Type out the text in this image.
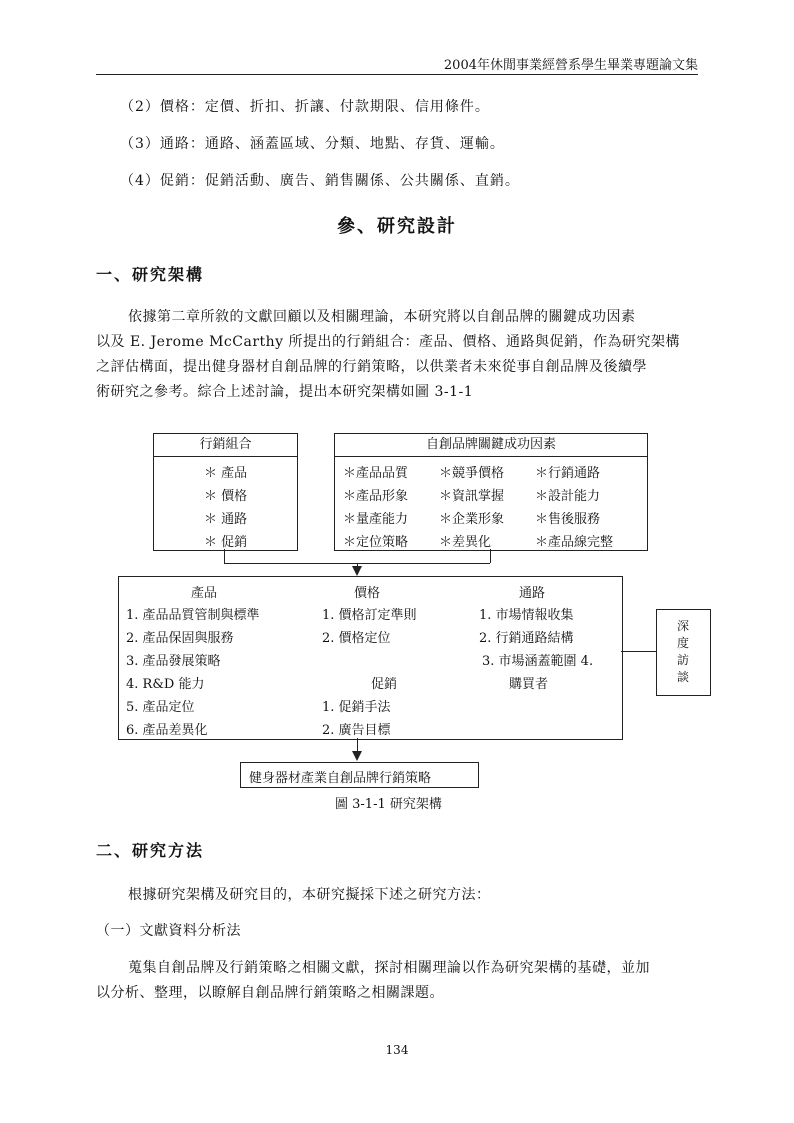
2004年休閒事業經營系學生畢業專題論文集
（2）價格：定價、折扣、折讓、付款期限、信用條件。
（3）通路：通路、涵蓋區域、分類、地點、存貨、運輸。
（4）促銷：促銷活動、廣告、銷售關係、公共關係、直銷。
參、研究設計
一、研究架構
依據第二章所敘的文獻回顧以及相關理論，本研究將以自創品牌的關鍵成功因素
以及 E. Jerome McCarthy 所提出的行銷組合：產品、價格、通路與促銷，作為研究架構
之評估構面，提出健身器材自創品牌的行銷策略，以供業者未來從事自創品牌及後續學
術研究之參考。綜合上述討論，提出本研究架構如圖 3-1-1
行銷組合
＊ 產品
＊ 價格
＊ 通路
＊ 促銷
自創品牌關鍵成功因素
＊產品品質 ＊競爭價格 ＊行銷通路
＊產品形象 ＊資訊掌握 ＊設計能力
＊量產能力 ＊企業形象 ＊售後服務
＊定位策略 ＊差異化	＊產品線完整
產品
1. 產品品質管制與標準
2. 產品保固與服務
3. 產品發展策略
4. R&D 能力
5. 產品定位
6. 產品差異化
價格
1. 價格訂定準則
2. 價格定位
促銷
1. 促銷手法
2. 廣告目標
通路
1. 市場情報收集
2. 行銷通路結構
3. 市場涵蓋範圍 4.
購買者
深度訪談
健身器材產業自創品牌行銷策略
圖 3-1-1 研究架構
二、研究方法
根據研究架構及研究目的，本研究擬採下述之研究方法：
（一）文獻資料分析法
蒐集自創品牌及行銷策略之相關文獻，探討相關理論以作為研究架構的基礎，並加
以分析、整理，以瞭解自創品牌行銷策略之相關課題。
134
